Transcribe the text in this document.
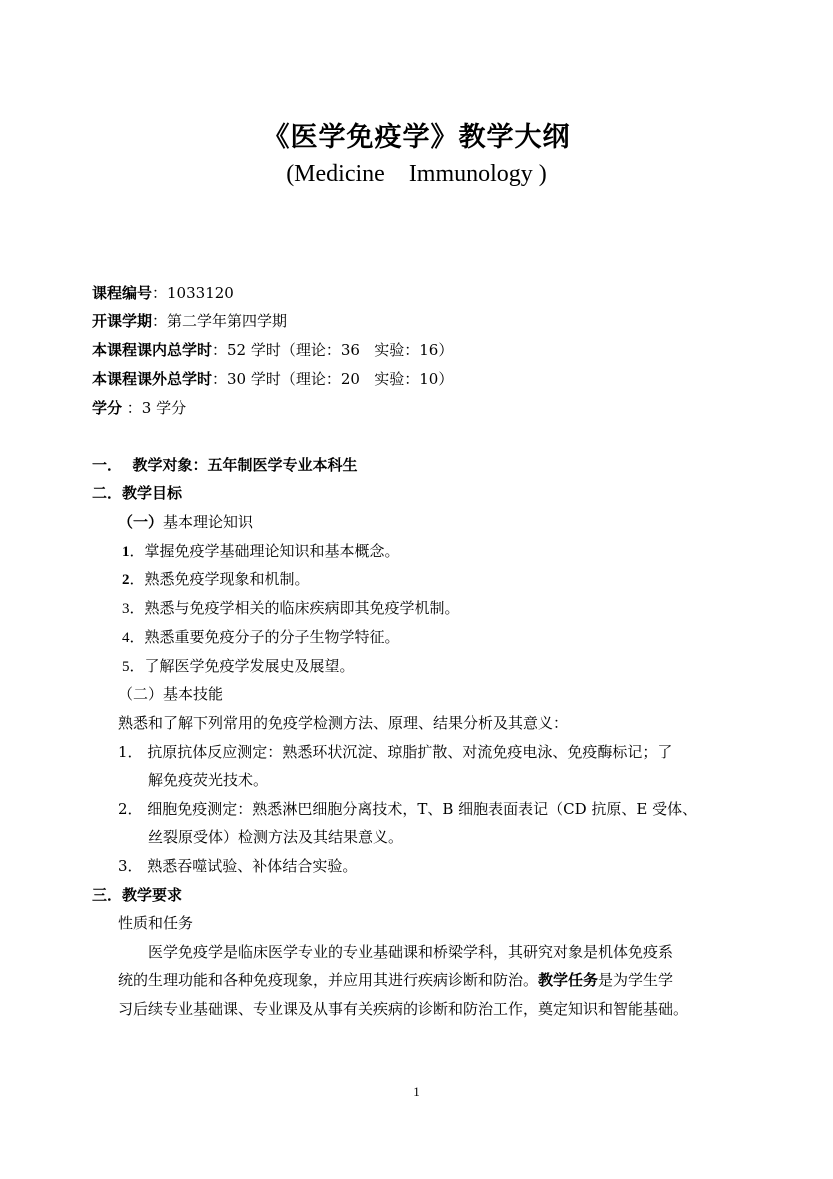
《医学免疫学》教学大纲
(Medicine    Immunology )
课程编号：1033120
开课学期：第二学年第四学期
本课程课内总学时：52 学时（理论：36   实验：16）
本课程课外总学时：30 学时（理论：20   实验：10）
学分 ：3 学分
一．  教学对象：五年制医学专业本科生
二．教学目标
（一）基本理论知识
1．掌握免疫学基础理论知识和基本概念。
2．熟悉免疫学现象和机制。
3．熟悉与免疫学相关的临床疾病即其免疫学机制。
4．熟悉重要免疫分子的分子生物学特征。
5．了解医学免疫学发展史及展望。
（二）基本技能
熟悉和了解下列常用的免疫学检测方法、原理、结果分析及其意义：
1． 抗原抗体反应测定：熟悉环状沉淀、琼脂扩散、对流免疫电泳、免疫酶标记；了
解免疫荧光技术。
2． 细胞免疫测定：熟悉淋巴细胞分离技术，T、B 细胞表面表记（CD 抗原、E 受体、
丝裂原受体）检测方法及其结果意义。
3． 熟悉吞噬试验、补体结合实验。
三．教学要求
性质和任务
医学免疫学是临床医学专业的专业基础课和桥梁学科，其研究对象是机体免疫系
统的生理功能和各种免疫现象，并应用其进行疾病诊断和防治。教学任务是为学生学
习后续专业基础课、专业课及从事有关疾病的诊断和防治工作，奠定知识和智能基础。
1
